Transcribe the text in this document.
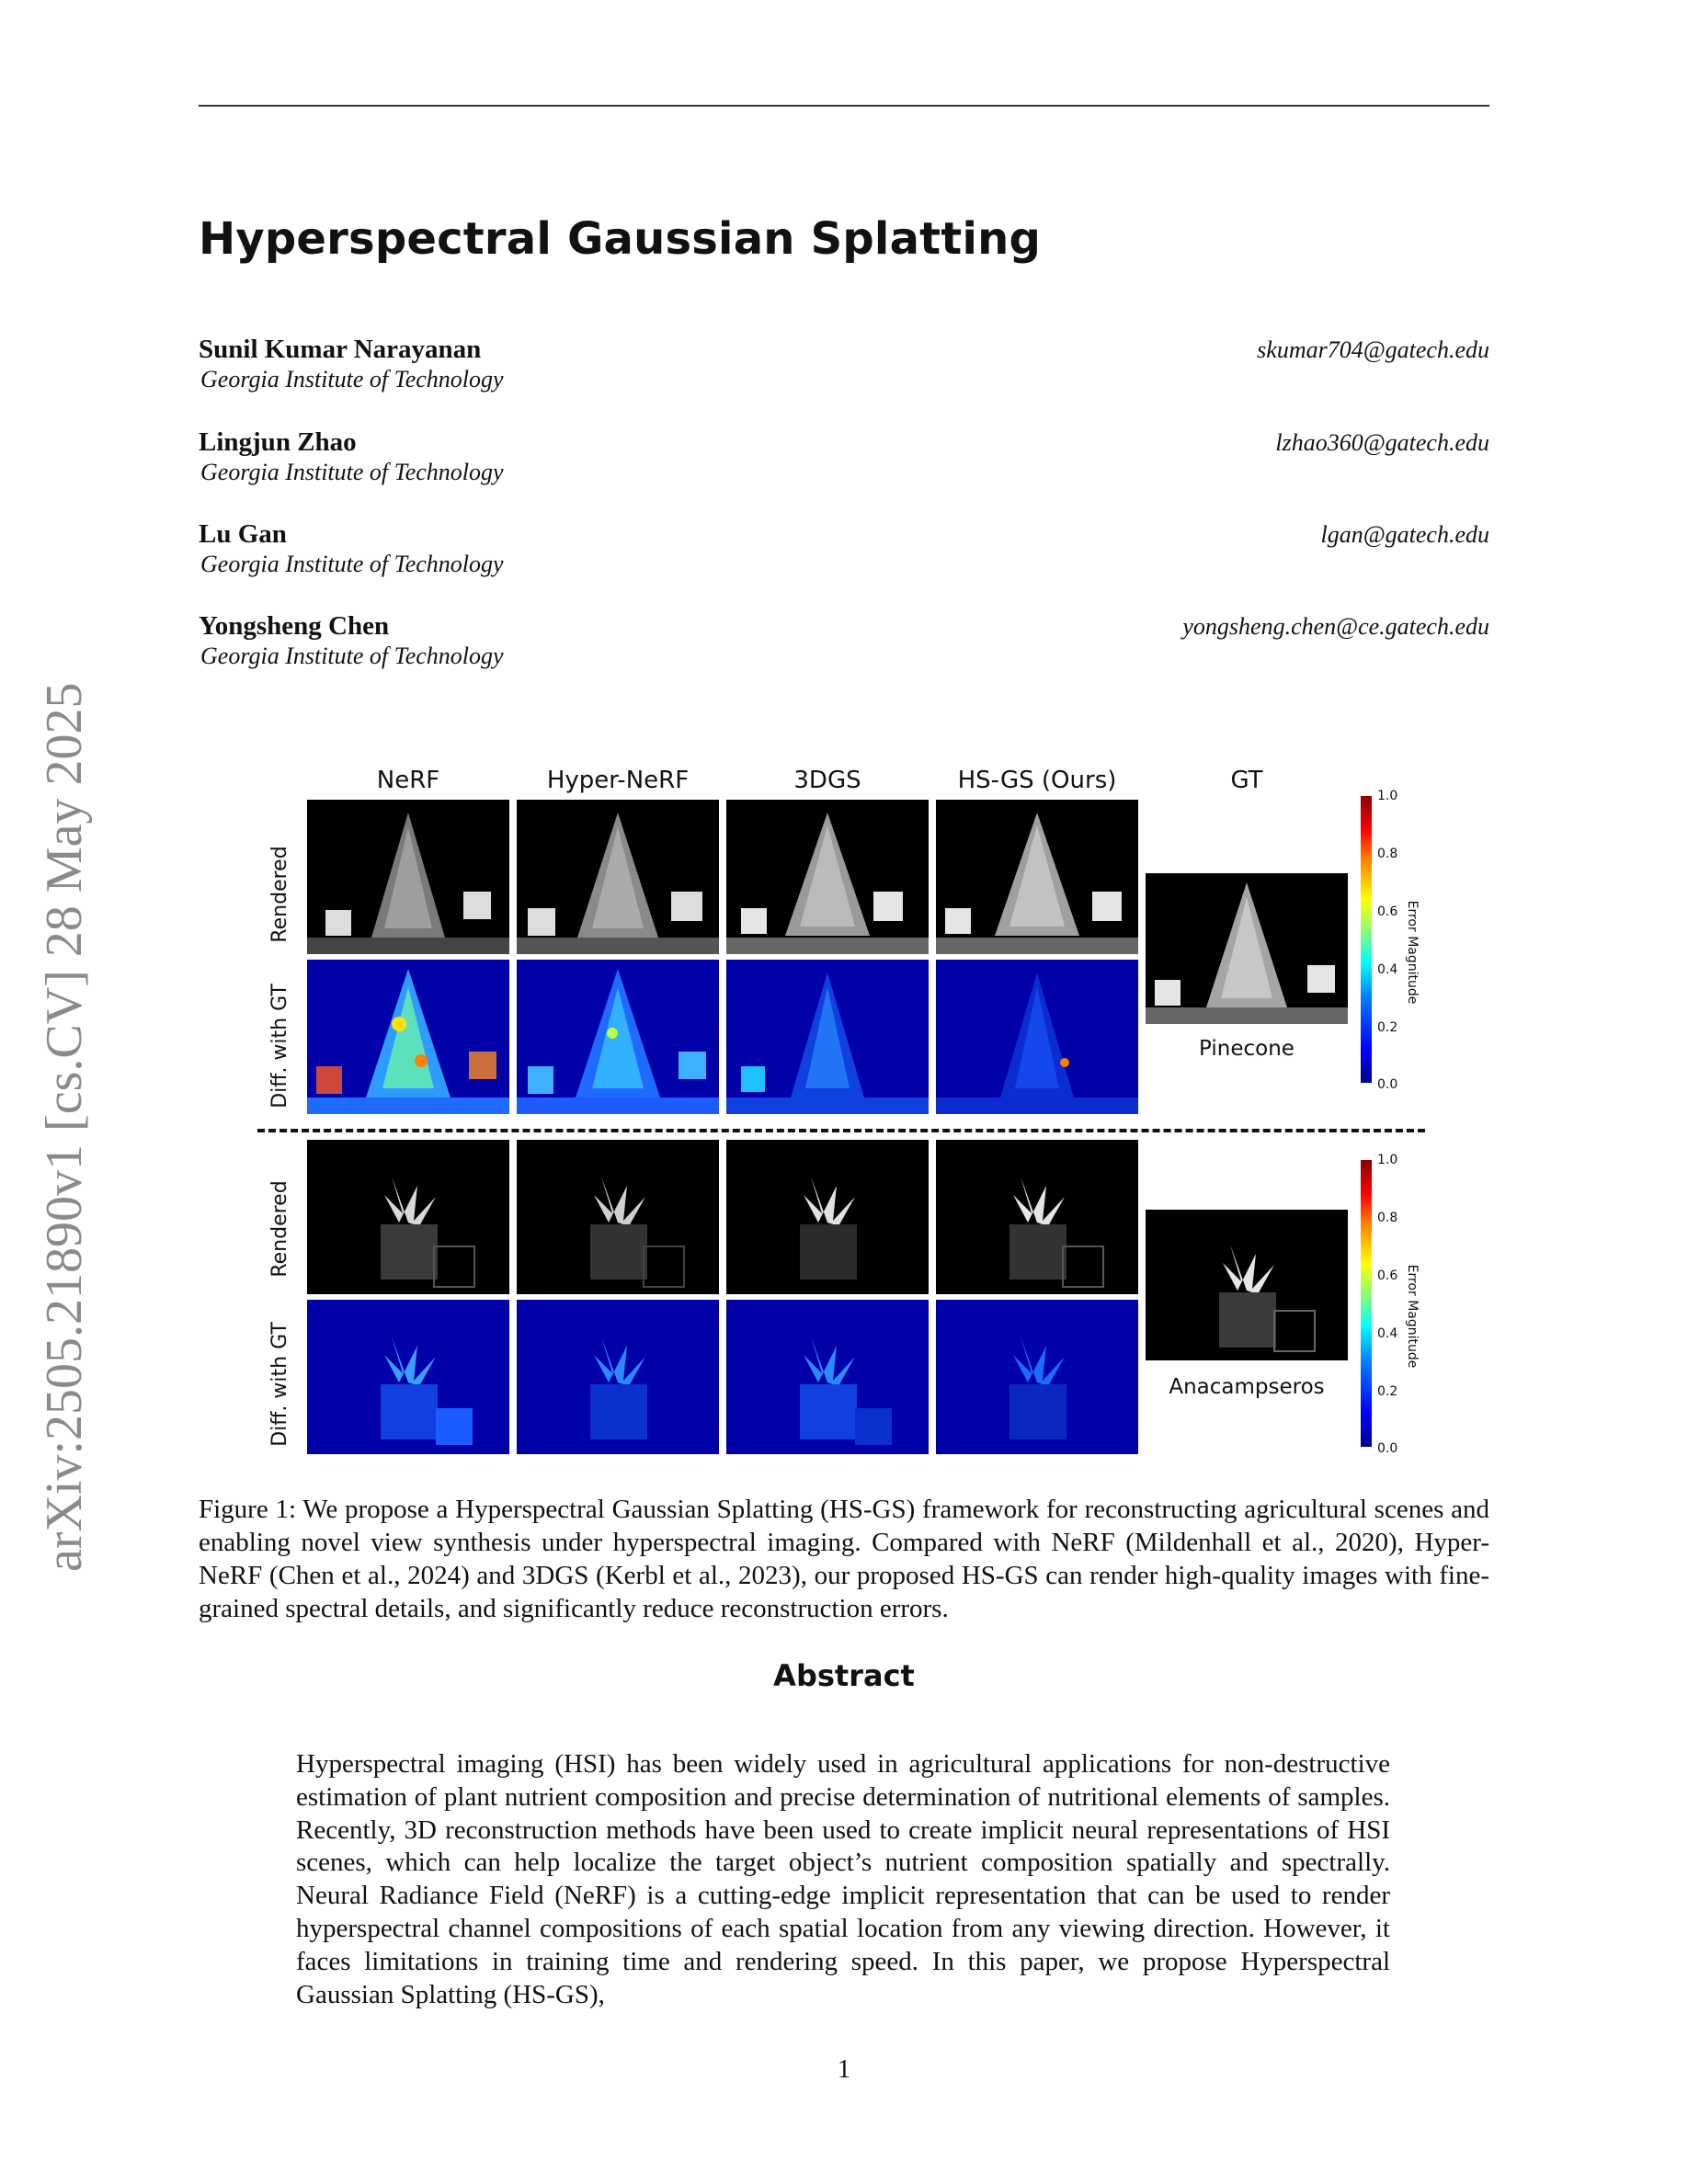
arXiv:2505.21890v1 [cs.CV] 28 May 2025
Hyperspectral Gaussian Splatting
Sunil Kumar Narayanan
Georgia Institute of Technology
skumar704@gatech.edu
Lingjun Zhao
Georgia Institute of Technology
lzhao360@gatech.edu
Lu Gan
Georgia Institute of Technology
lgan@gatech.edu
Yongsheng Chen
Georgia Institute of Technology
yongsheng.chen@ce.gatech.edu
NeRF	Hyper-NeRF	3DGS	HS-GS (Ours)	GT
Rendered
Diff. with GT
Rendered
Diff. with GT
Pinecone
1.0
0.8
0.6
0.4
0.2
0.0
Error Magnitude
Anacampseros
1.0
0.8
0.6
0.4
0.2
0.0
Error Magnitude
Figure 1: We propose a Hyperspectral Gaussian Splatting (HS-GS) framework for reconstructing agricultural scenes and enabling novel view synthesis under hyperspectral imaging. Compared with NeRF (Mildenhall et al., 2020), Hyper-NeRF (Chen et al., 2024) and 3DGS (Kerbl et al., 2023), our proposed HS-GS can render high-quality images with fine-grained spectral details, and significantly reduce reconstruction errors.
Abstract
Hyperspectral imaging (HSI) has been widely used in agricultural applications for non-destructive estimation of plant nutrient composition and precise determination of nutritional elements of samples. Recently, 3D reconstruction methods have been used to create implicit neural representations of HSI scenes, which can help localize the target object’s nutrient composition spatially and spectrally. Neural Radiance Field (NeRF) is a cutting-edge implicit representation that can be used to render hyperspectral channel compositions of each spatial location from any viewing direction. However, it faces limitations in training time and rendering speed. In this paper, we propose Hyperspectral Gaussian Splatting (HS-GS),
1
